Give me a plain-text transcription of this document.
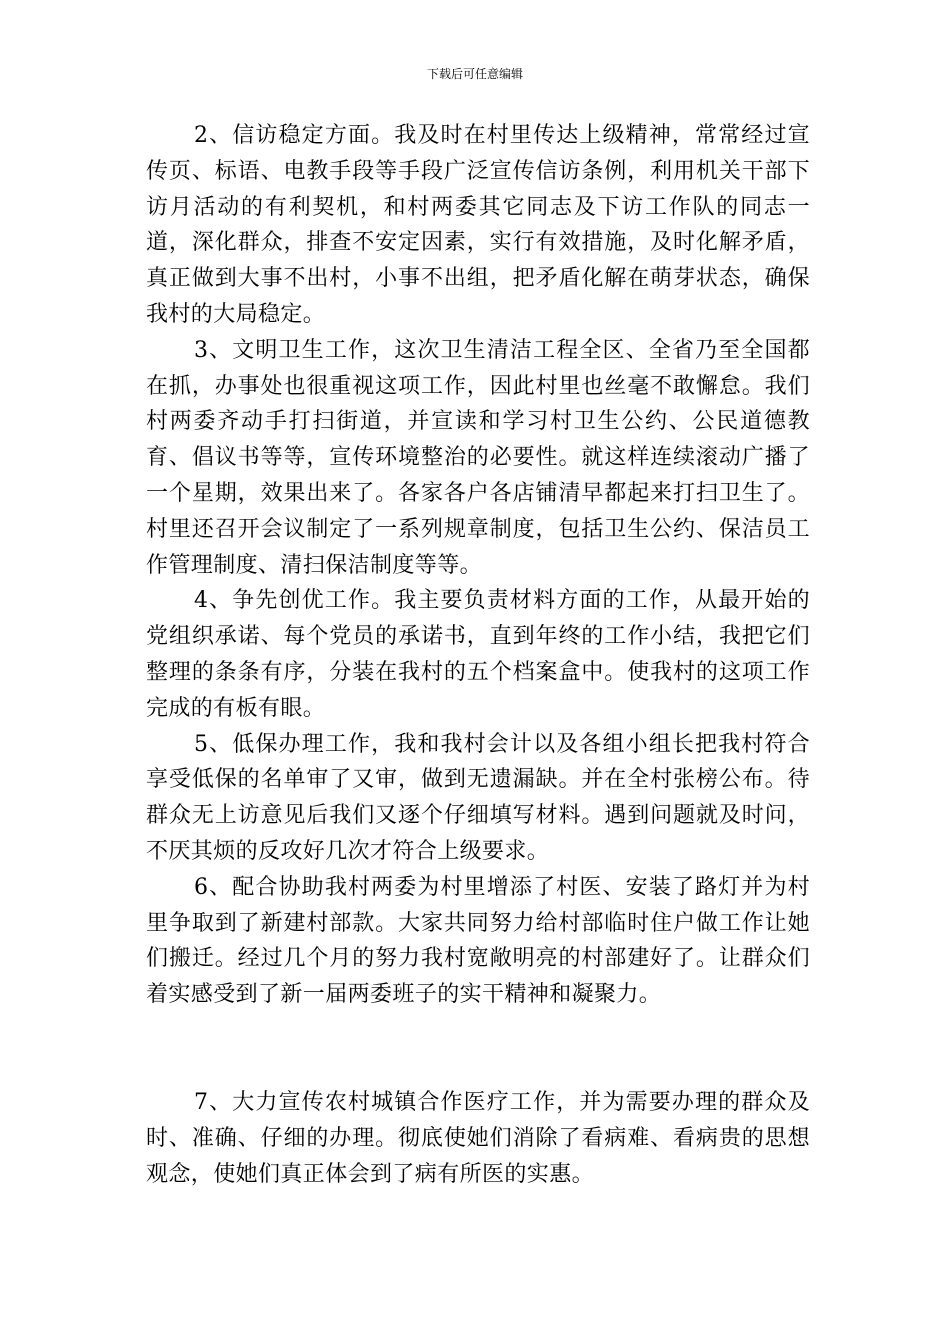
下载后可任意编辑

2、信访稳定方面。我及时在村里传达上级精神，常常经过宣传页、标语、电教手段等手段广泛宣传信访条例，利用机关干部下访月活动的有利契机，和村两委其它同志及下访工作队的同志一道，深化群众，排查不安定因素，实行有效措施，及时化解矛盾，真正做到大事不出村，小事不出组，把矛盾化解在萌芽状态，确保我村的大局稳定。

3、文明卫生工作，这次卫生清洁工程全区、全省乃至全国都在抓，办事处也很重视这项工作，因此村里也丝毫不敢懈怠。我们村两委齐动手打扫街道，并宣读和学习村卫生公约、公民道德教育、倡议书等等，宣传环境整治的必要性。就这样连续滚动广播了一个星期，效果出来了。各家各户各店铺清早都起来打扫卫生了。村里还召开会议制定了一系列规章制度，包括卫生公约、保洁员工作管理制度、清扫保洁制度等等。

4、争先创优工作。我主要负责材料方面的工作，从最开始的党组织承诺、每个党员的承诺书，直到年终的工作小结，我把它们整理的条条有序，分装在我村的五个档案盒中。使我村的这项工作完成的有板有眼。

5、低保办理工作，我和我村会计以及各组小组长把我村符合享受低保的名单审了又审，做到无遗漏缺。并在全村张榜公布。待群众无上访意见后我们又逐个仔细填写材料。遇到问题就及时问，不厌其烦的反攻好几次才符合上级要求。

6、配合协助我村两委为村里增添了村医、安装了路灯并为村里争取到了新建村部款。大家共同努力给村部临时住户做工作让她们搬迁。经过几个月的努力我村宽敞明亮的村部建好了。让群众们着实感受到了新一届两委班子的实干精神和凝聚力。

7、大力宣传农村城镇合作医疗工作，并为需要办理的群众及时、准确、仔细的办理。彻底使她们消除了看病难、看病贵的思想观念，使她们真正体会到了病有所医的实惠。
